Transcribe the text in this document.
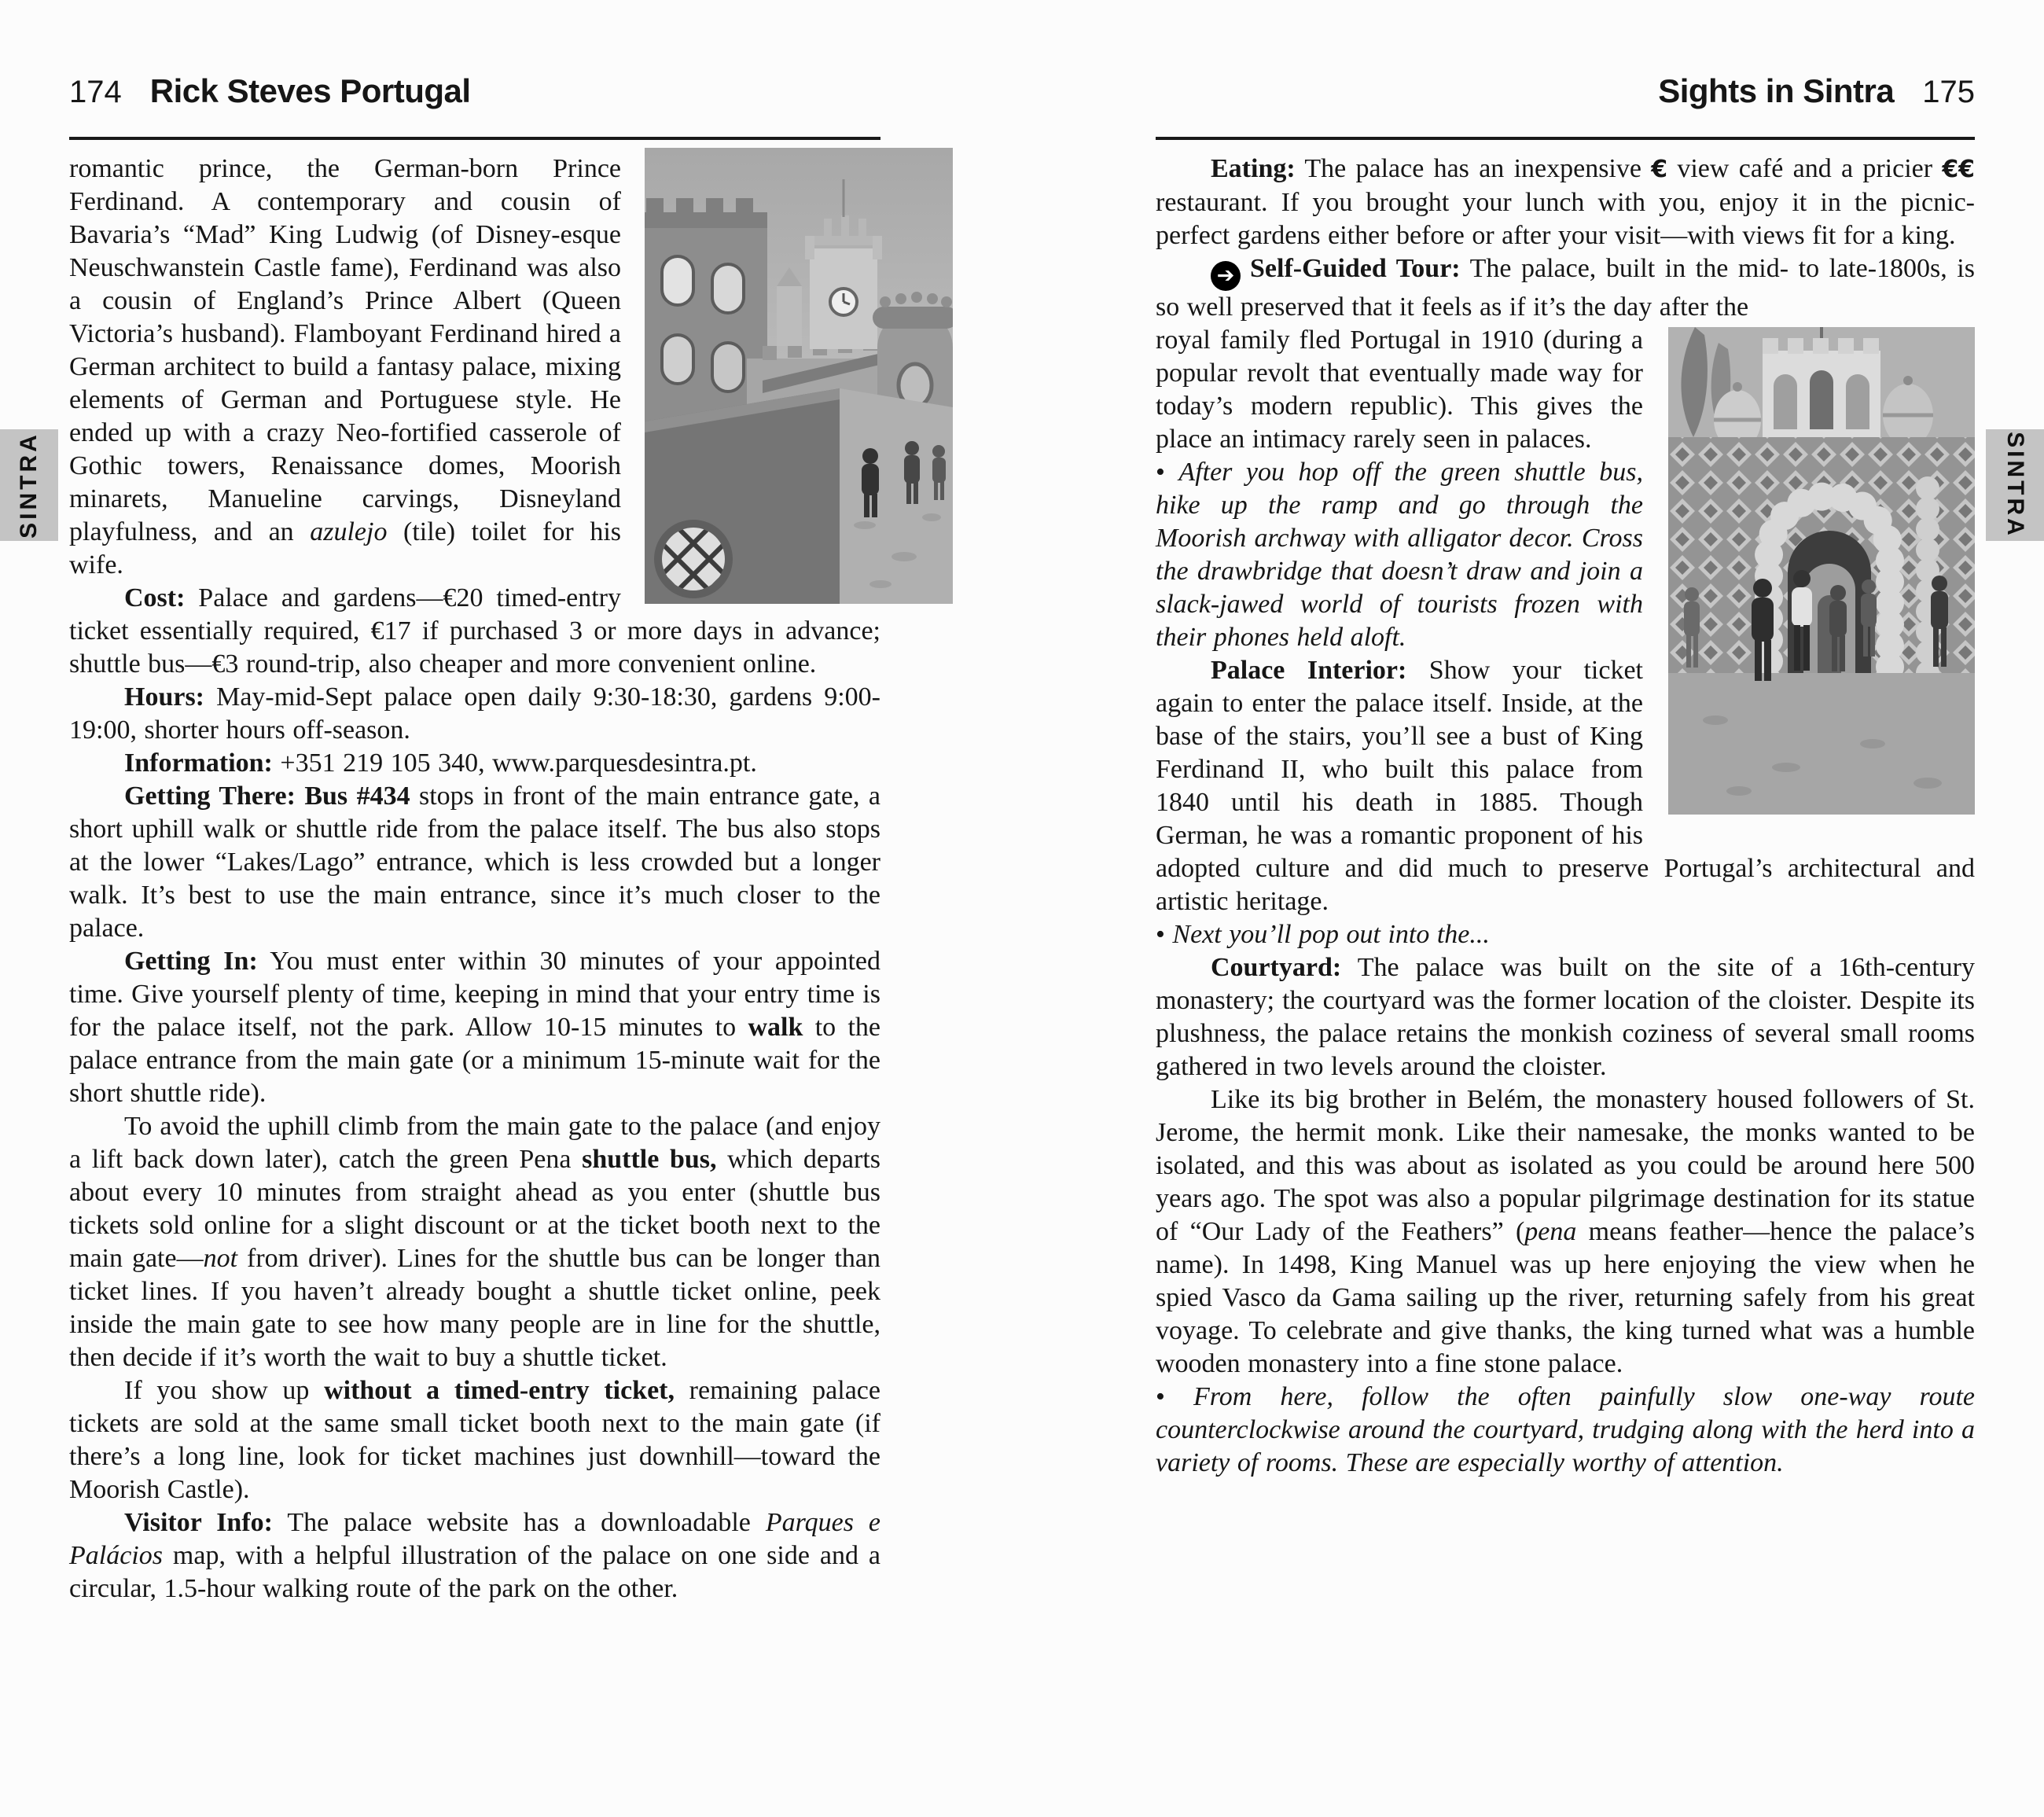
174 Rick Steves Portugal
romantic prince, the German-born Prince Ferdinand. A contemporary and cousin of Bavaria’s “Mad” King Ludwig (of Disney-esque Neuschwanstein Castle fame), Ferdinand was also a cousin of England’s Prince Albert (Queen Victoria’s husband). Flamboyant Ferdinand hired a German architect to build a fantasy palace, mixing elements of German and Portuguese style. He ended up with a crazy Neo-fortified casserole of Gothic towers, Renaissance domes, Moorish minarets, Manueline carvings, Disneyland playfulness, and an azulejo (tile) toilet for his wife.
Cost: Palace and gardens—€20 timed-entry ticket essentially required, €17 if purchased 3 or more days in advance; shuttle bus—€3 round-trip, also cheaper and more convenient online.
Hours: May-mid-Sept palace open daily 9:30-18:30, gardens 9:00-19:00, shorter hours off-season.
Information: +351 219 105 340, www.parquesdesintra.pt.
Getting There: Bus #434 stops in front of the main entrance gate, a short uphill walk or shuttle ride from the palace itself. The bus also stops at the lower “Lakes/Lago” entrance, which is less crowded but a longer walk. It’s best to use the main entrance, since it’s much closer to the palace.
Getting In: You must enter within 30 minutes of your appointed time. Give yourself plenty of time, keeping in mind that your entry time is for the palace itself, not the park. Allow 10-15 minutes to walk to the palace entrance from the main gate (or a minimum 15-minute wait for the short shuttle ride).
To avoid the uphill climb from the main gate to the palace (and enjoy a lift back down later), catch the green Pena shuttle bus, which departs about every 10 minutes from straight ahead as you enter (shuttle bus tickets sold online for a slight discount or at the ticket booth next to the main gate—not from driver). Lines for the shuttle bus can be longer than ticket lines. If you haven’t already bought a shuttle ticket online, peek inside the main gate to see how many people are in line for the shuttle, then decide if it’s worth the wait to buy a shuttle ticket.
If you show up without a timed-entry ticket, remaining palace tickets are sold at the same small ticket booth next to the main gate (if there’s a long line, look for ticket machines just downhill—toward the Moorish Castle).
Visitor Info: The palace website has a downloadable Parques e Palácios map, with a helpful illustration of the palace on one side and a circular, 1.5-hour walking route of the park on the other.
Sights in Sintra 175
Eating: The palace has an inexpensive € view café and a pricier €€ restaurant. If you brought your lunch with you, enjoy it in the picnic-perfect gardens either before or after your visit—with views fit for a king.
➔ Self-Guided Tour: The palace, built in the mid- to late-1800s, is so well preserved that it feels as if it’s the day after the
royal family fled Portugal in 1910 (during a popular revolt that eventually made way for today’s modern republic). This gives the place an intimacy rarely seen in palaces.
• After you hop off the green shuttle bus, hike up the ramp and go through the Moorish archway with alligator decor. Cross the drawbridge that doesn’t draw and join a slack-jawed world of tourists frozen with their phones held aloft.
Palace Interior: Show your ticket again to enter the palace itself. Inside, at the base of the stairs, you’ll see a bust of King Ferdinand II, who built this palace from 1840 until his death in 1885. Though German, he was a romantic proponent of his adopted culture and did much to preserve Portugal’s architectural and artistic heritage.
• Next you’ll pop out into the...
Courtyard: The palace was built on the site of a 16th-century monastery; the courtyard was the former location of the cloister. Despite its plushness, the palace retains the monkish coziness of several small rooms gathered in two levels around the cloister.
Like its big brother in Belém, the monastery housed followers of St. Jerome, the hermit monk. Like their namesake, the monks wanted to be isolated, and this was about as isolated as you could be around here 500 years ago. The spot was also a popular pilgrimage destination for its statue of “Our Lady of the Feathers” (pena means feather—hence the palace’s name). In 1498, King Manuel was up here enjoying the view when he spied Vasco da Gama sailing up the river, returning safely from his great voyage. To celebrate and give thanks, the king turned what was a humble wooden monastery into a fine stone palace.
• From here, follow the often painfully slow one-way route counterclockwise around the courtyard, trudging along with the herd into a variety of rooms. These are especially worthy of attention.
SINTRA	SINTRA
